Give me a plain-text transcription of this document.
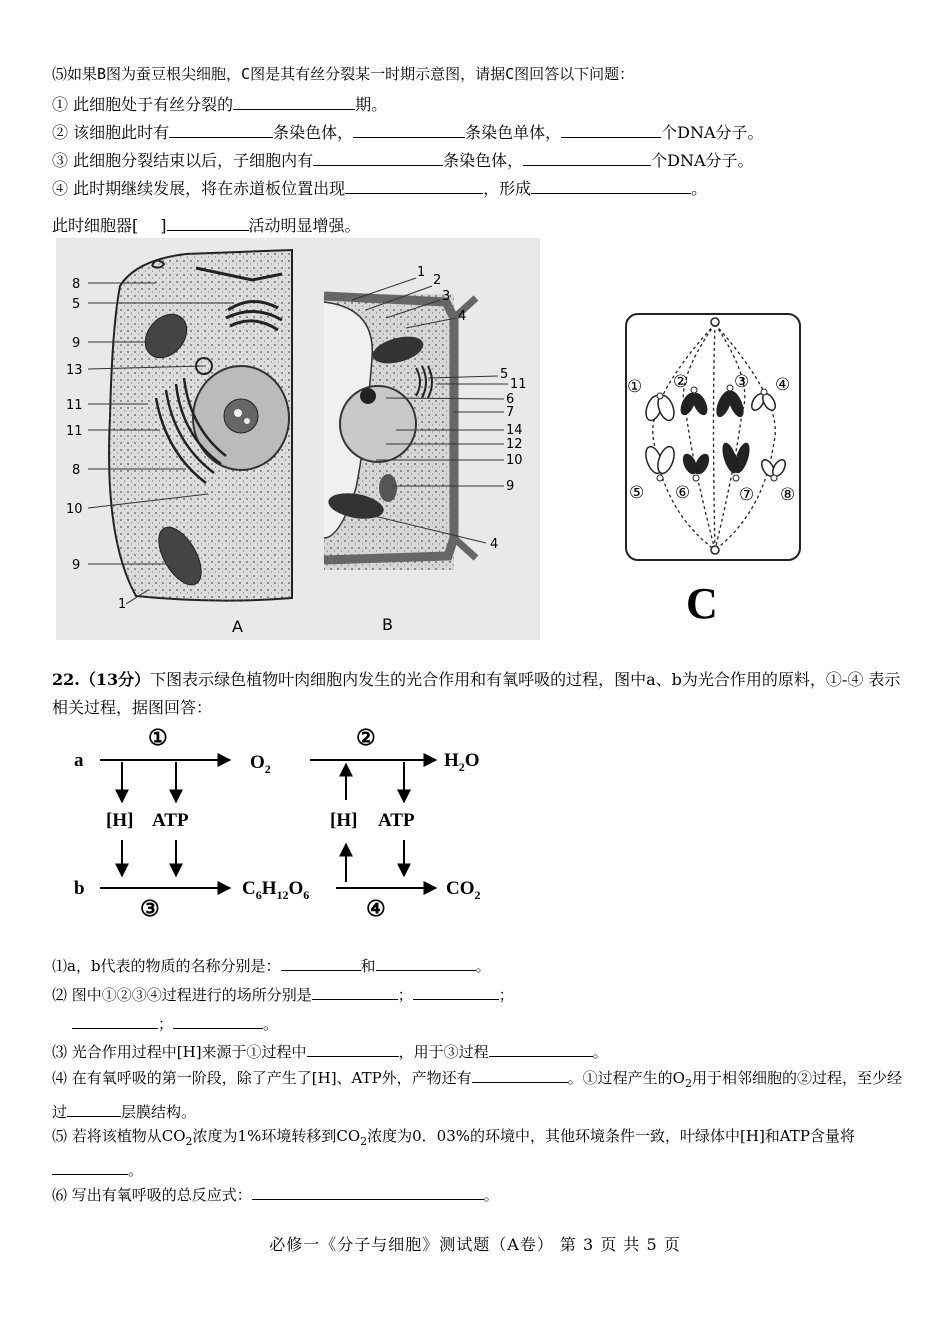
⑸如果B图为蚕豆根尖细胞，C图是其有丝分裂某一时期示意图，请据C图回答以下问题：
① 此细胞处于有丝分裂的	期。
② 该细胞此时有	条染色体，	条染色单体，	个DNA分子。
③ 此细胞分裂结束以后，子细胞内有	条染色体，	个DNA分子。
④ 此时期继续发展，将在赤道板位置出现	，形成	。
此时细胞器[ ]	活动明显增强。
8
5
9
13
11
11
8
10
9
1
A
1
2
3
4
5
11
6
7
14
12
10
9
4
B
① ②	③ ④
⑤ ⑥	⑦ ⑧
C
22.（13分）下图表示绿色植物叶肉细胞内发生的光合作用和有氧呼吸的过程，图中a、b为光合作用的原料，①-④ 表示相关过程，据图回答：
a
b
①	②
③	④
$O_2$	$H_2O$
[H] ATP	[H] ATP
$C_6H_{12}O_6$	$CO_2$
⑴a，b代表的物质的名称分别是：	和	。
⑵ 图中①②③④过程进行的场所分别是	；	；
；	。
⑶ 光合作用过程中[H]来源于①过程中	，用于③过程	。
⑷ 在有氧呼吸的第一阶段，除了产生了[H]、ATP外，产物还有	。①过程产生的$O_2$用于相邻细胞的②过程，至少经过	层膜结构。
⑸ 若将该植物从$CO_2$浓度为1%环境转移到$CO_2$浓度为0．03%的环境中，其他环境条件一致，叶绿体中[H]和ATP含量将。
⑹ 写出有氧呼吸的总反应式：	。
必修一《分子与细胞》测试题（A卷） 第 3 页 共 5 页
